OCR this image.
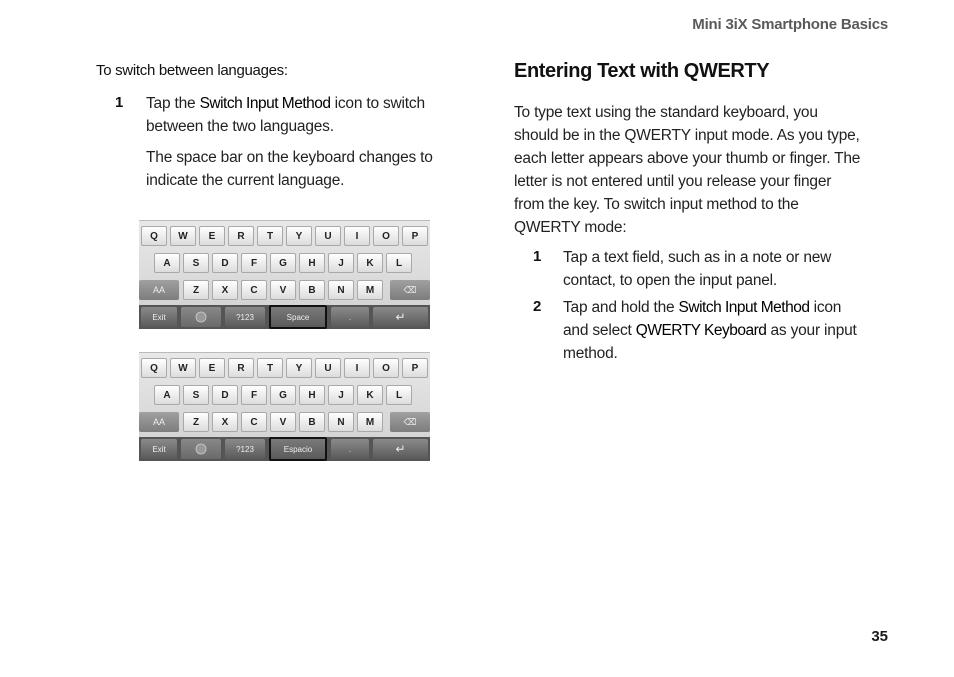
Mini 3iX Smartphone Basics
To switch between languages:
1 Tap the Switch Input Method icon to switch
between the two languages.
The space bar on the keyboard changes to
indicate the current language.
Q	W	E	R	T	Y	U	I	O	P
A	S	D	F	G	H	J	K	L
AA	Z	X	C	V	B	N	M	⌫
Exit	?123	Space	.	↵
Q	W	E	R	T	Y	U	I	O	P
A	S	D	F	G	H	J	K	L
AA	Z	X	C	V	B	N	M	⌫
Exit	?123	Espacio	.	↵
Entering Text with QWERTY
To type text using the standard keyboard, you
should be in the QWERTY input mode. As you type,
each letter appears above your thumb or finger. The
letter is not entered until you release your finger
from the key. To switch input method to the
QWERTY mode:
1 Tap a text field, such as in a note or new
contact, to open the input panel.
2 Tap and hold the Switch Input Method icon
and select QWERTY Keyboard as your input
method.
35
